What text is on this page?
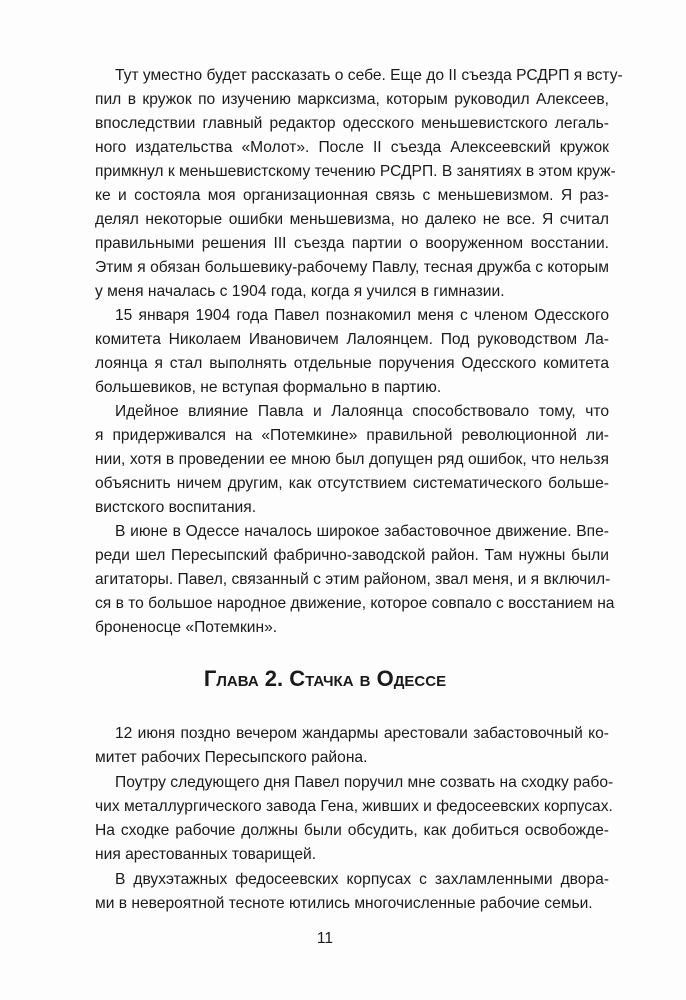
Тут уместно будет рассказать о себе. Еще до II съезда РСДРП я всту-
пил в кружок по изучению марксизма, которым руководил Алексеев,
впоследствии главный редактор одесского меньшевистского легаль-
ного издательства «Молот». После II съезда Алексеевский кружок
примкнул к меньшевистскому течению РСДРП. В занятиях в этом круж-
ке и состояла моя организационная связь с меньшевизмом. Я раз-
делял некоторые ошибки меньшевизма, но далеко не все. Я считал
правильными решения III съезда партии о вооруженном восстании.
Этим я обязан большевику-рабочему Павлу, тесная дружба с которым
у меня началась с 1904 года, когда я учился в гимназии.
15 января 1904 года Павел познакомил меня с членом Одесского
комитета Николаем Ивановичем Лалоянцем. Под руководством Ла-
лоянца я стал выполнять отдельные поручения Одесского комитета
большевиков, не вступая формально в партию.
Идейное влияние Павла и Лалоянца способствовало тому, что
я придерживался на «Потемкине» правильной революционной ли-
нии, хотя в проведении ее мною был допущен ряд ошибок, что нельзя
объяснить ничем другим, как отсутствием систематического больше-
вистского воспитания.
В июне в Одессе началось широкое забастовочное движение. Впе-
реди шел Пересыпский фабрично-заводской район. Там нужны были
агитаторы. Павел, связанный с этим районом, звал меня, и я включил-
ся в то большое народное движение, которое совпало с восстанием на
броненосце «Потемкин».
Глава 2. Стачка в Одессе
12 июня поздно вечером жандармы арестовали забастовочный ко-
митет рабочих Пересыпского района.
Поутру следующего дня Павел поручил мне созвать на сходку рабо-
чих металлургического завода Гена, живших и федосеевских корпусах.
На сходке рабочие должны были обсудить, как добиться освобожде-
ния арестованных товарищей.
В двухэтажных федосеевских корпусах с захламленными двора-
ми в невероятной тесноте ютились многочисленные рабочие семьи.
11
